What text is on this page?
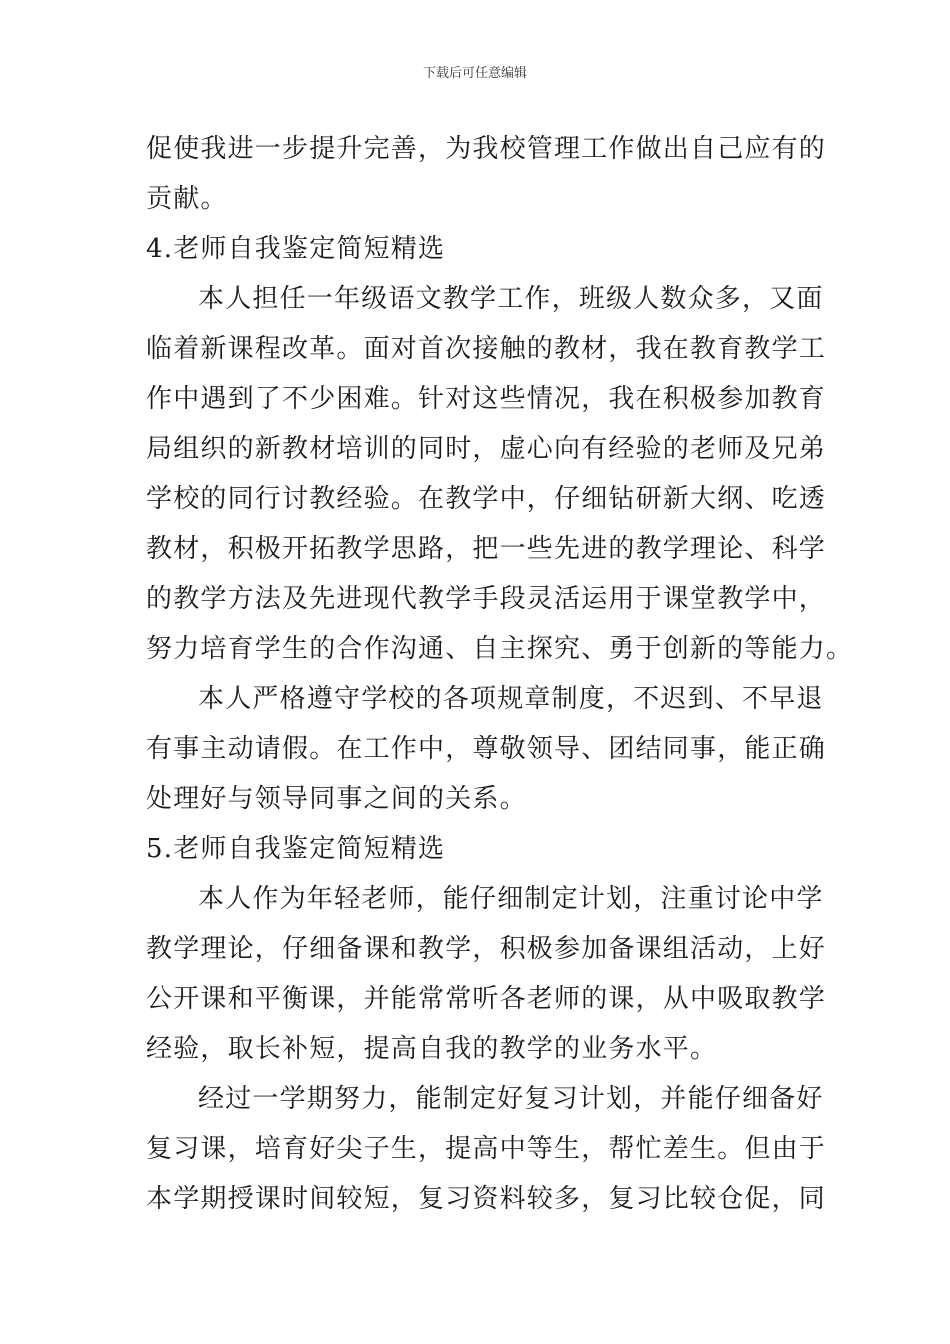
下载后可任意编辑
促使我进一步提升完善，为我校管理工作做出自己应有的
贡献。
4.老师自我鉴定简短精选
本人担任一年级语文教学工作，班级人数众多，又面
临着新课程改革。面对首次接触的教材，我在教育教学工
作中遇到了不少困难。针对这些情况，我在积极参加教育
局组织的新教材培训的同时，虚心向有经验的老师及兄弟
学校的同行讨教经验。在教学中，仔细钻研新大纲、吃透
教材，积极开拓教学思路，把一些先进的教学理论、科学
的教学方法及先进现代教学手段灵活运用于课堂教学中，
努力培育学生的合作沟通、自主探究、勇于创新的等能力。
本人严格遵守学校的各项规章制度，不迟到、不早退
有事主动请假。在工作中，尊敬领导、团结同事，能正确
处理好与领导同事之间的关系。
5.老师自我鉴定简短精选
本人作为年轻老师，能仔细制定计划，注重讨论中学
教学理论，仔细备课和教学，积极参加备课组活动，上好
公开课和平衡课，并能常常听各老师的课，从中吸取教学
经验，取长补短，提高自我的教学的业务水平。
经过一学期努力，能制定好复习计划，并能仔细备好
复习课，培育好尖子生，提高中等生，帮忙差生。但由于
本学期授课时间较短，复习资料较多，复习比较仓促，同
